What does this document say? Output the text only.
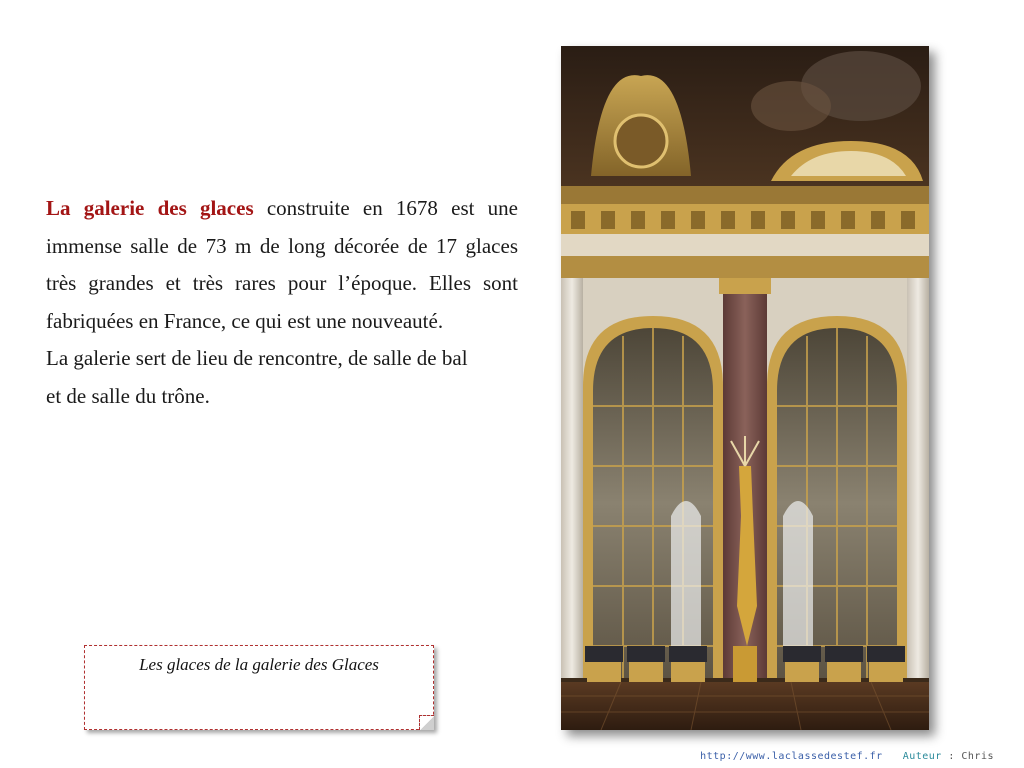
La galerie des glaces construite en 1678 est une immense salle de 73 m de long décorée de 17 glaces très grandes et très rares pour l’époque. Elles sont fabriquées en France, ce qui est une nouveauté.

La galerie sert de lieu de rencontre, de salle de bal et de salle du trône.

Les glaces de la galerie des Glaces
http://www.laclassedestef.fr Auteur : Chris
